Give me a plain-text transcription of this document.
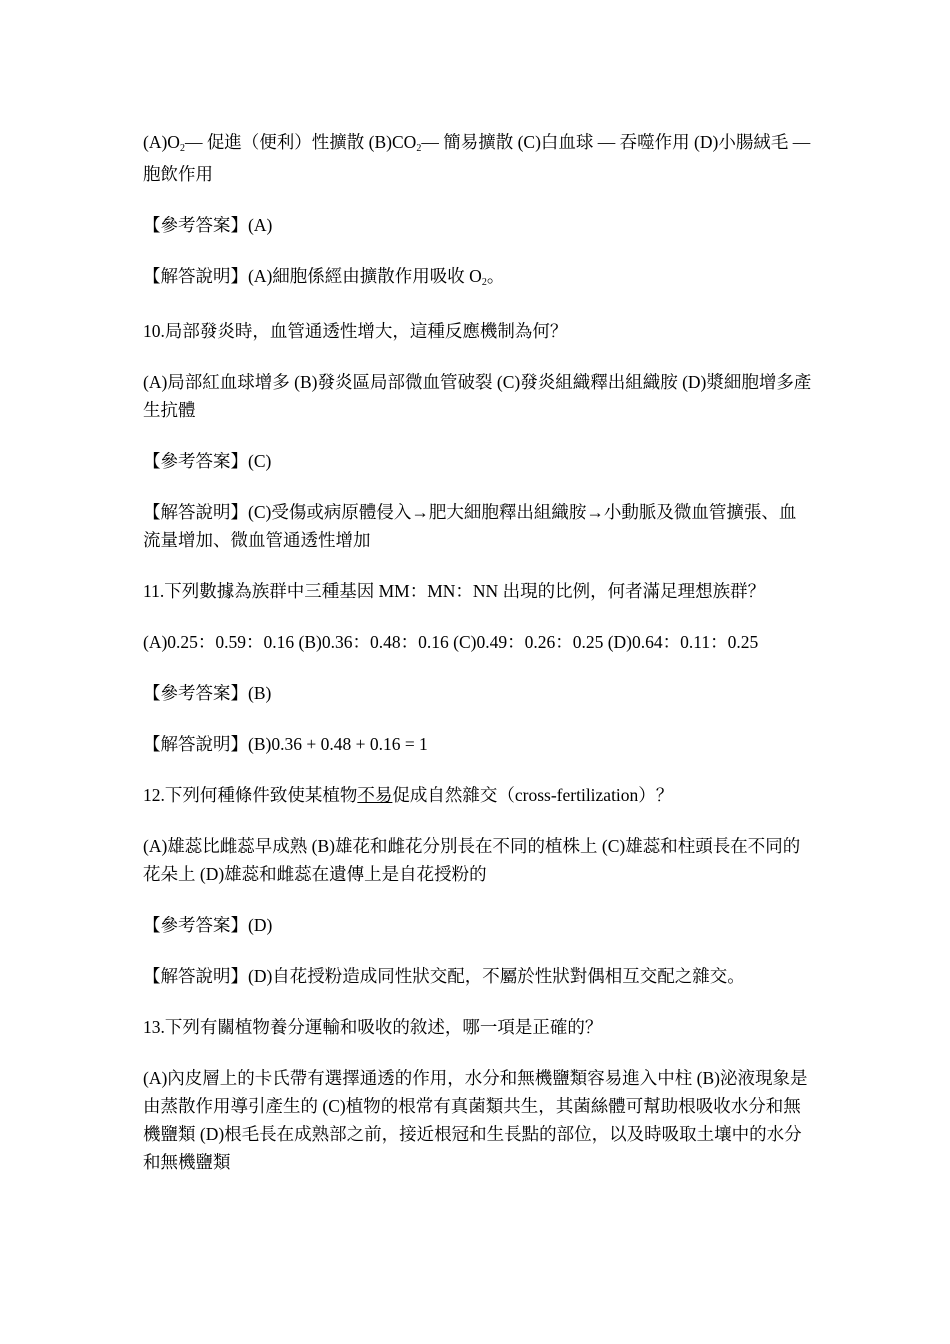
$(A)O_2—$ 促進（便利）性擴散 $(B)CO_2—$ 簡易擴散 (C)白血球 — 吞噬作用 (D)小腸絨毛 — 胞飲作用

【參考答案】(A)

【解答說明】(A)細胞係經由擴散作用吸收 $O_2$。

10.局部發炎時，血管通透性增大，這種反應機制為何？

(A)局部紅血球增多 (B)發炎區局部微血管破裂 (C)發炎組織釋出組織胺 (D)漿細胞增多產生抗體

【參考答案】(C)

【解答說明】(C)受傷或病原體侵入→肥大細胞釋出組織胺→小動脈及微血管擴張、血流量增加、微血管通透性增加

11.下列數據為族群中三種基因 MM：MN：NN 出現的比例，何者滿足理想族群？

(A)0.25：0.59：0.16 (B)0.36：0.48：0.16 (C)0.49：0.26：0.25 (D)0.64：0.11：0.25

【參考答案】(B)

【解答說明】(B)0.36 + 0.48 + 0.16 = 1

12.下列何種條件致使某植物不易促成自然雜交（cross-fertilization）？

(A)雄蕊比雌蕊早成熟 (B)雄花和雌花分別長在不同的植株上 (C)雄蕊和柱頭長在不同的花朵上 (D)雄蕊和雌蕊在遺傳上是自花授粉的

【參考答案】(D)

【解答說明】(D)自花授粉造成同性狀交配，不屬於性狀對偶相互交配之雜交。

13.下列有關植物養分運輸和吸收的敘述，哪一項是正確的？

(A)內皮層上的卡氏帶有選擇通透的作用，水分和無機鹽類容易進入中柱 (B)泌液現象是由蒸散作用導引產生的 (C)植物的根常有真菌類共生，其菌絲體可幫助根吸收水分和無機鹽類 (D)根毛長在成熟部之前，接近根冠和生長點的部位，以及時吸取土壤中的水分和無機鹽類
